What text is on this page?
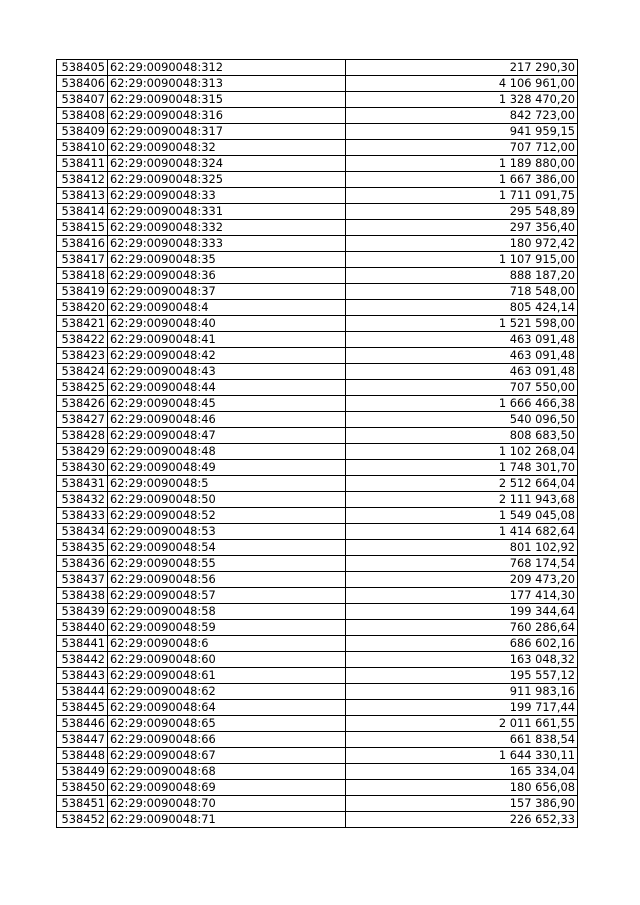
538405	62:29:0090048:312	217 290,30
538406	62:29:0090048:313	4 106 961,00
538407	62:29:0090048:315	1 328 470,20
538408	62:29:0090048:316	842 723,00
538409	62:29:0090048:317	941 959,15
538410	62:29:0090048:32	707 712,00
538411	62:29:0090048:324	1 189 880,00
538412	62:29:0090048:325	1 667 386,00
538413	62:29:0090048:33	1 711 091,75
538414	62:29:0090048:331	295 548,89
538415	62:29:0090048:332	297 356,40
538416	62:29:0090048:333	180 972,42
538417	62:29:0090048:35	1 107 915,00
538418	62:29:0090048:36	888 187,20
538419	62:29:0090048:37	718 548,00
538420	62:29:0090048:4	805 424,14
538421	62:29:0090048:40	1 521 598,00
538422	62:29:0090048:41	463 091,48
538423	62:29:0090048:42	463 091,48
538424	62:29:0090048:43	463 091,48
538425	62:29:0090048:44	707 550,00
538426	62:29:0090048:45	1 666 466,38
538427	62:29:0090048:46	540 096,50
538428	62:29:0090048:47	808 683,50
538429	62:29:0090048:48	1 102 268,04
538430	62:29:0090048:49	1 748 301,70
538431	62:29:0090048:5	2 512 664,04
538432	62:29:0090048:50	2 111 943,68
538433	62:29:0090048:52	1 549 045,08
538434	62:29:0090048:53	1 414 682,64
538435	62:29:0090048:54	801 102,92
538436	62:29:0090048:55	768 174,54
538437	62:29:0090048:56	209 473,20
538438	62:29:0090048:57	177 414,30
538439	62:29:0090048:58	199 344,64
538440	62:29:0090048:59	760 286,64
538441	62:29:0090048:6	686 602,16
538442	62:29:0090048:60	163 048,32
538443	62:29:0090048:61	195 557,12
538444	62:29:0090048:62	911 983,16
538445	62:29:0090048:64	199 717,44
538446	62:29:0090048:65	2 011 661,55
538447	62:29:0090048:66	661 838,54
538448	62:29:0090048:67	1 644 330,11
538449	62:29:0090048:68	165 334,04
538450	62:29:0090048:69	180 656,08
538451	62:29:0090048:70	157 386,90
538452	62:29:0090048:71	226 652,33
